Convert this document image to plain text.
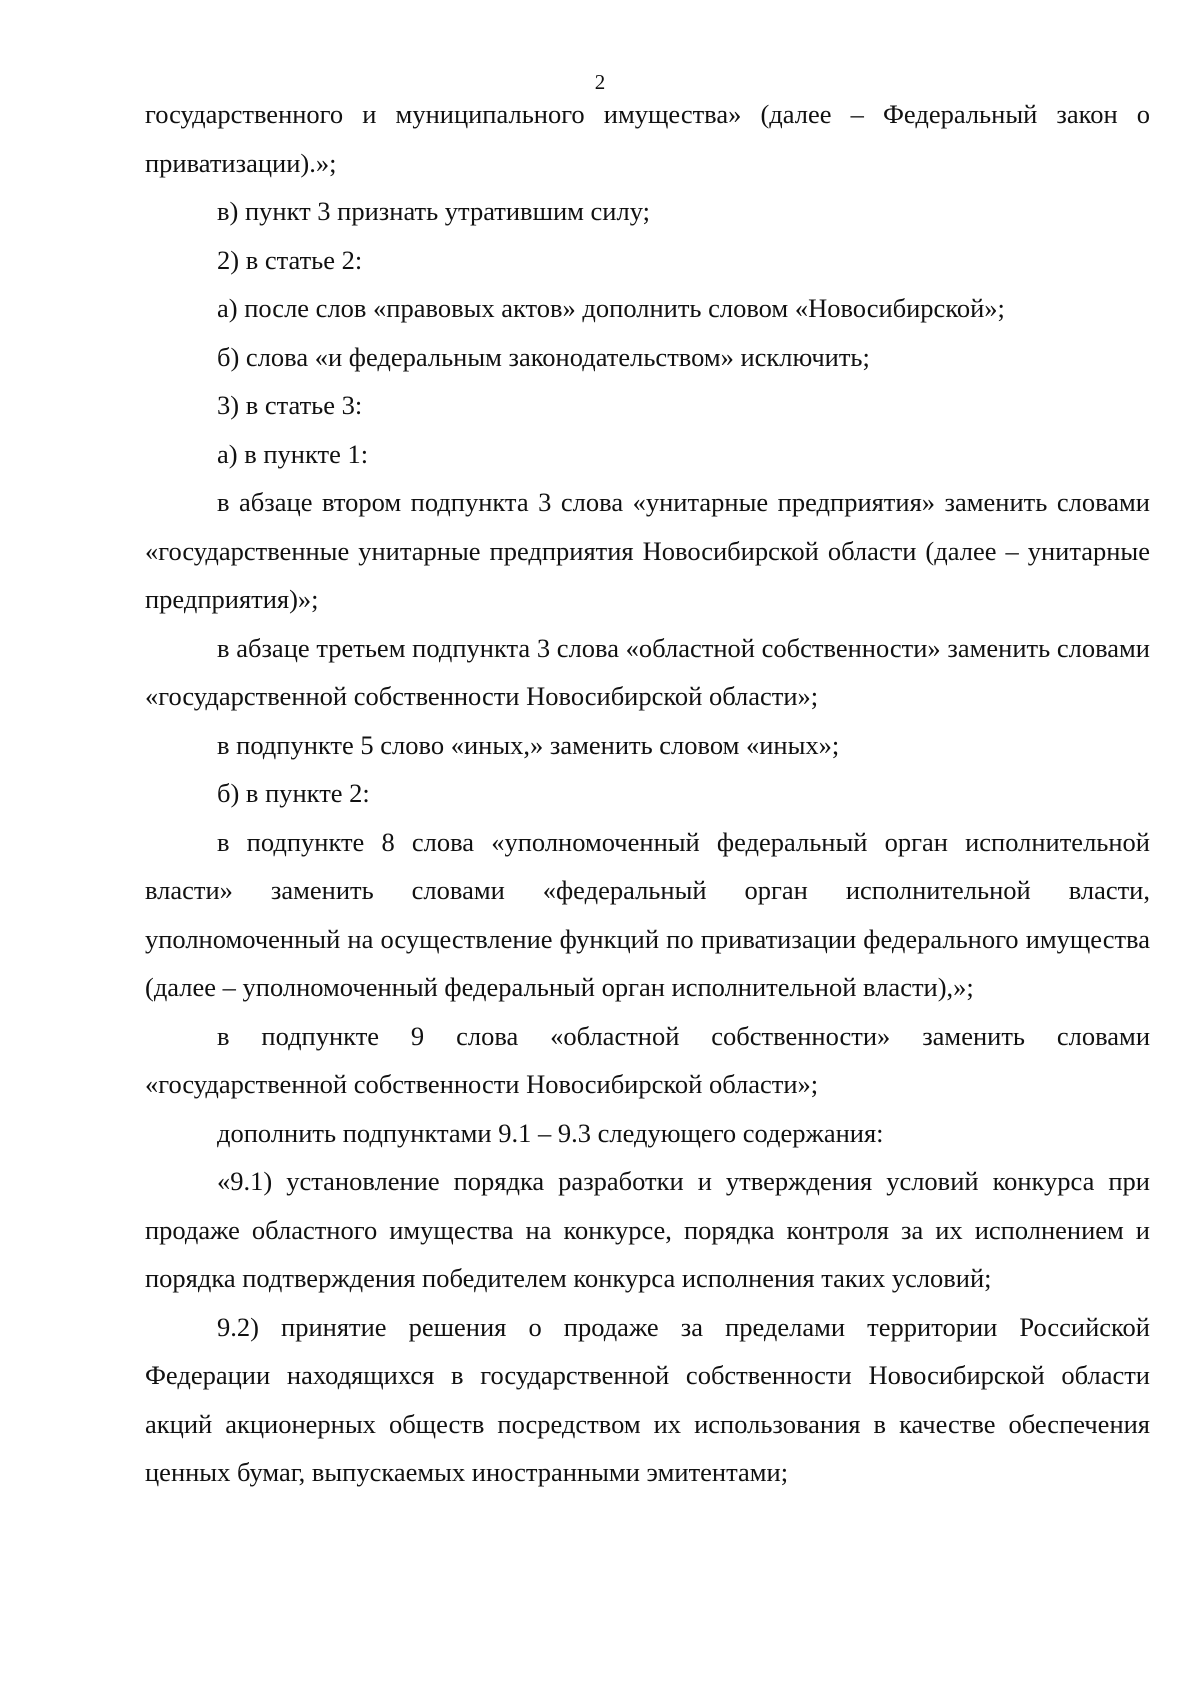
2

государственного и муниципального имущества» (далее – Федеральный закон о приватизации).»;

в) пункт 3 признать утратившим силу;

2) в статье 2:

а) после слов «правовых актов» дополнить словом «Новосибирской»;

б) слова «и федеральным законодательством» исключить;

3) в статье 3:

а) в пункте 1:

в абзаце втором подпункта 3 слова «унитарные предприятия» заменить словами «государственные унитарные предприятия Новосибирской области (далее – унитарные предприятия)»;

в абзаце третьем подпункта 3 слова «областной собственности» заменить словами «государственной собственности Новосибирской области»;

в подпункте 5 слово «иных,» заменить словом «иных»;

б) в пункте 2:

в подпункте 8 слова «уполномоченный федеральный орган исполнительной власти» заменить словами «федеральный орган исполнительной власти, уполномоченный на осуществление функций по приватизации федерального имущества (далее – уполномоченный федеральный орган исполнительной власти),»;

в подпункте 9 слова «областной собственности» заменить словами «государственной собственности Новосибирской области»;

дополнить подпунктами 9.1 – 9.3 следующего содержания:

«9.1) установление порядка разработки и утверждения условий конкурса при продаже областного имущества на конкурсе, порядка контроля за их исполнением и порядка подтверждения победителем конкурса исполнения таких условий;

9.2) принятие решения о продаже за пределами территории Российской Федерации находящихся в государственной собственности Новосибирской области акций акционерных обществ посредством их использования в качестве обеспечения ценных бумаг, выпускаемых иностранными эмитентами;
